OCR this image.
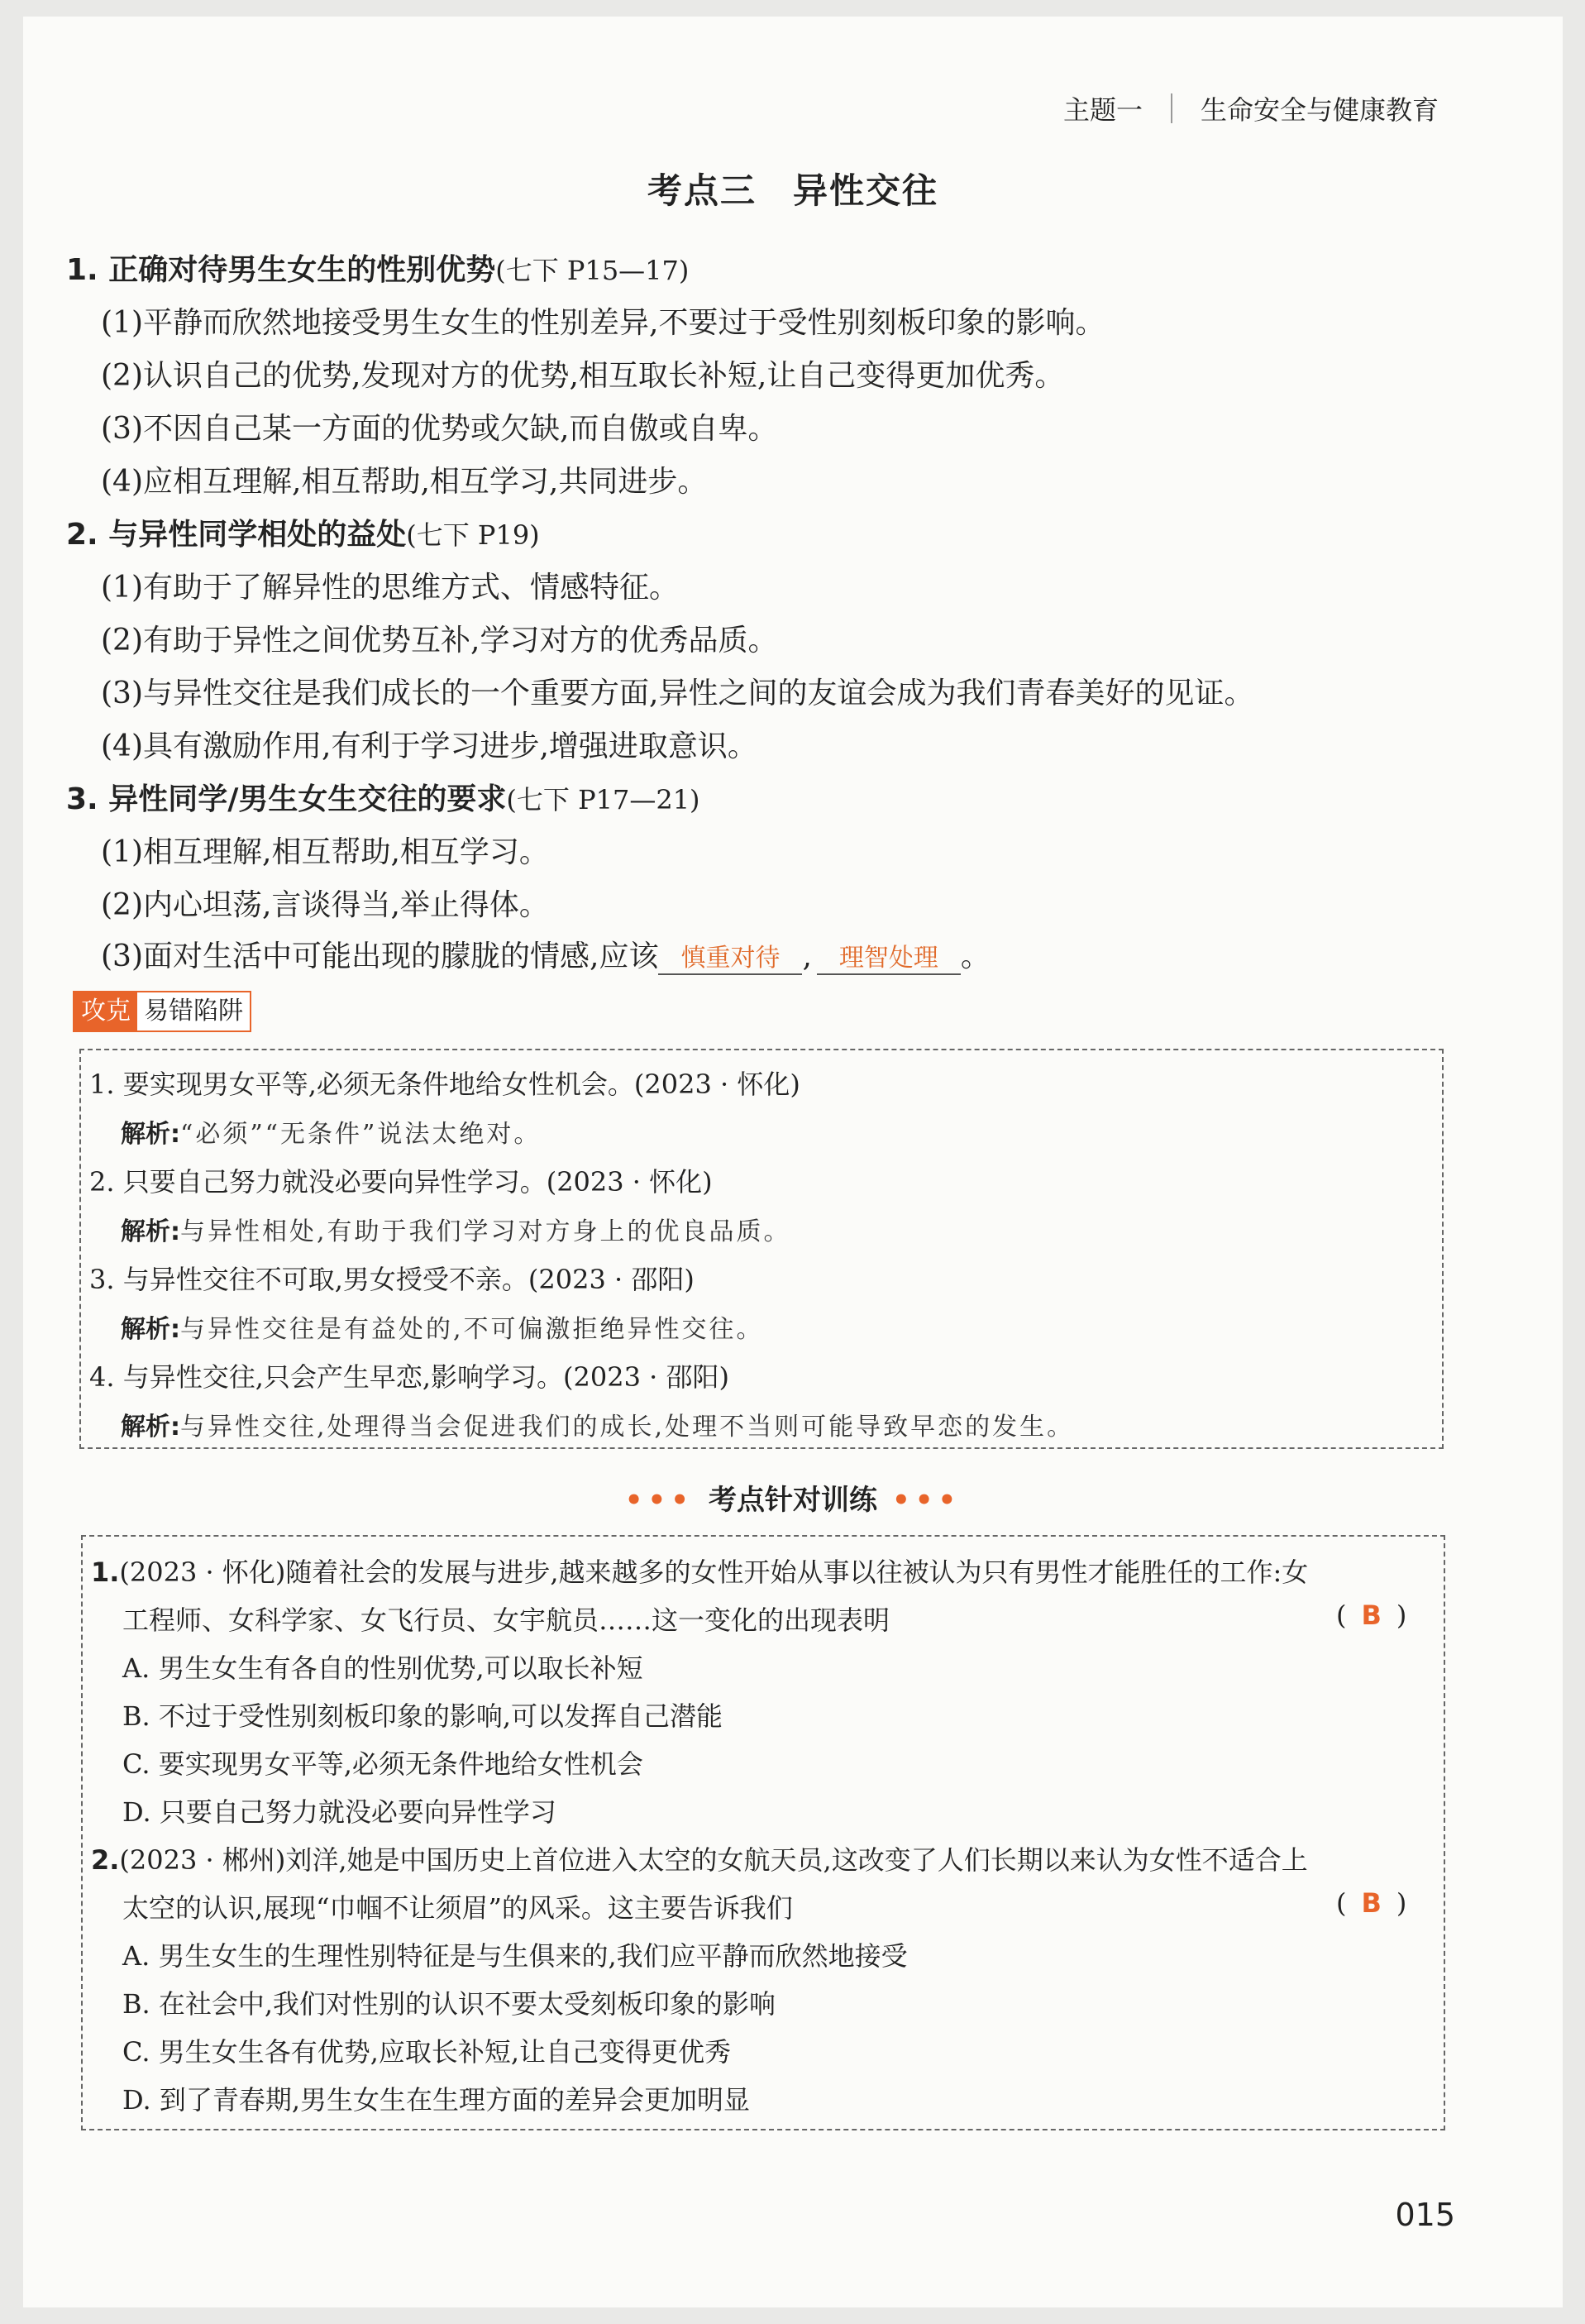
主题一 生命安全与健康教育
考点三 异性交往
1. 正确对待男生女生的性别优势(七下 P15—17)
(1)平静而欣然地接受男生女生的性别差异,不要过于受性别刻板印象的影响。
(2)认识自己的优势,发现对方的优势,相互取长补短,让自己变得更加优秀。
(3)不因自己某一方面的优势或欠缺,而自傲或自卑。
(4)应相互理解,相互帮助,相互学习,共同进步。
2. 与异性同学相处的益处(七下 P19)
(1)有助于了解异性的思维方式、情感特征。
(2)有助于异性之间优势互补,学习对方的优秀品质。
(3)与异性交往是我们成长的一个重要方面,异性之间的友谊会成为我们青春美好的见证。
(4)具有激励作用,有利于学习进步,增强进取意识。
3. 异性同学/男生女生交往的要求(七下 P17—21)
(1)相互理解,相互帮助,相互学习。
(2)内心坦荡,言谈得当,举止得体。
(3)面对生活中可能出现的朦胧的情感,应该 慎重对待 , 理智处理 。
攻克 易错陷阱
1. 要实现男女平等,必须无条件地给女性机会。(2023 · 怀化)
解析:“必须”“无条件”说法太绝对。
2. 只要自己努力就没必要向异性学习。(2023 · 怀化)
解析:与异性相处,有助于我们学习对方身上的优良品质。
3. 与异性交往不可取,男女授受不亲。(2023 · 邵阳)
解析:与异性交往是有益处的,不可偏激拒绝异性交往。
4. 与异性交往,只会产生早恋,影响学习。(2023 · 邵阳)
解析:与异性交往,处理得当会促进我们的成长,处理不当则可能导致早恋的发生。
••• 考点针对训练 •••
1.(2023 · 怀化)随着社会的发展与进步,越来越多的女性开始从事以往被认为只有男性才能胜任的工作:女
工程师、女科学家、女飞行员、女宇航员……这一变化的出现表明	( B )
A. 男生女生有各自的性别优势,可以取长补短
B. 不过于受性别刻板印象的影响,可以发挥自己潜能
C. 要实现男女平等,必须无条件地给女性机会
D. 只要自己努力就没必要向异性学习
2.(2023 · 郴州)刘洋,她是中国历史上首位进入太空的女航天员,这改变了人们长期以来认为女性不适合上
太空的认识,展现“巾帼不让须眉”的风采。这主要告诉我们	( B )
A. 男生女生的生理性别特征是与生俱来的,我们应平静而欣然地接受
B. 在社会中,我们对性别的认识不要太受刻板印象的影响
C. 男生女生各有优势,应取长补短,让自己变得更优秀
D. 到了青春期,男生女生在生理方面的差异会更加明显
015
